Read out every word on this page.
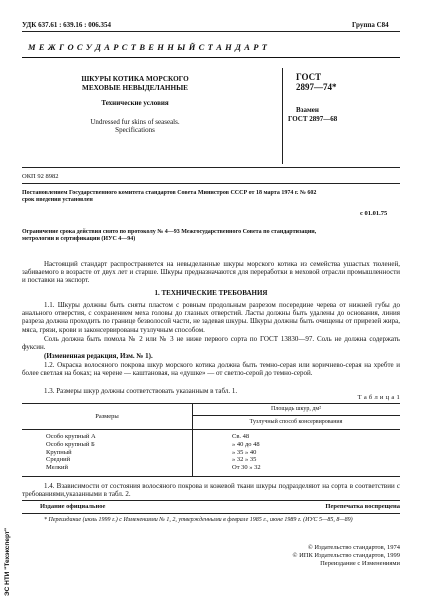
УДК 637.61 : 639.16 : 006.354	Группа С84
М Е Ж Г О С У Д А Р С Т В Е Н Н Ы Й С Т А Н Д А Р Т
ШКУРЫ КОТИКА МОРСКОГО
МЕХОВЫЕ НЕВЫДЕЛАННЫЕ
Технические условия
Undressed fur skins of seaseals.
Specifications
ГОСТ
2897—74*
Взамен
ГОСТ 2897—68
ОКП 92 8982
Постановлением Государственного комитета стандартов Совета Министров СССР от 18 марта 1974 г. № 602
срок введения установлен
с 01.01.75
Ограничение срока действия снято по протоколу № 4—93 Межгосударственного Совета по стандартизации,
метрологии и сертификации (ИУС 4—94)
Настоящий стандарт распространяется на невыделанные шкуры морского котика из семейства ушастых тюленей, забиваемого в возрасте от двух лет и старше. Шкуры предназначаются для переработки в меховой отрасли промышленности и поставки на экспорт.
1. ТЕХНИЧЕСКИЕ ТРЕБОВАНИЯ
1.1. Шкуры должны быть сняты пластом с ровным продольным разрезом посередине черева от нижней губы до анального отверстия, с сохранением меха головы до глазных отверстий. Ласты должны быть удалены до основания, линия разреза должна проходить по границе безволосой части, не задевая шкуры. Шкуры должны быть очищены от прирезей жира, мяса, грязи, крови и законсервированы тузлучным способом.
Соль должна быть помола № 2 или № 3 не ниже первого сорта по ГОСТ 13830—97. Соль не должна содержать фуксин.
(Измененная редакция, Изм. № 1).
1.2. Окраска волосяного покрова шкур морского котика должна быть темно-серая или коричнево-серая на хребте и более светлая на боках; на черене — каштановая, на «душке» — от светло-серой до темно-серой.
1.3. Размеры шкур должны соответствовать указанным в табл. 1.
Т а б л и ц а 1
Размеры
Площадь шкур, дм²
Тузлучный способ консервирования
Особо крупный А
Особо крупный Б
Крупный
Средний
Мелкий
Св. 48
» 40 до 48
» 35 » 40
» 32 » 35
От 30 » 32
1.4. Взависимости от состояния волосяного покрова и кожевой ткани шкуры подразделяют на сорта в соответствии с требованиями,указанными в табл. 2.
Издание официальное	Перепечатка воспрещена
* Переиздание (июль 1999 г.) с Изменениями № 1, 2, утвержденными в феврале 1985 г., июне 1989 г. (ИУС 5—85, 8—89)
© Издательство стандартов, 1974
© ИПК Издательство стандартов, 1999
Переиздание с Изменениями
ЭС НТИ "Техэксперт"
